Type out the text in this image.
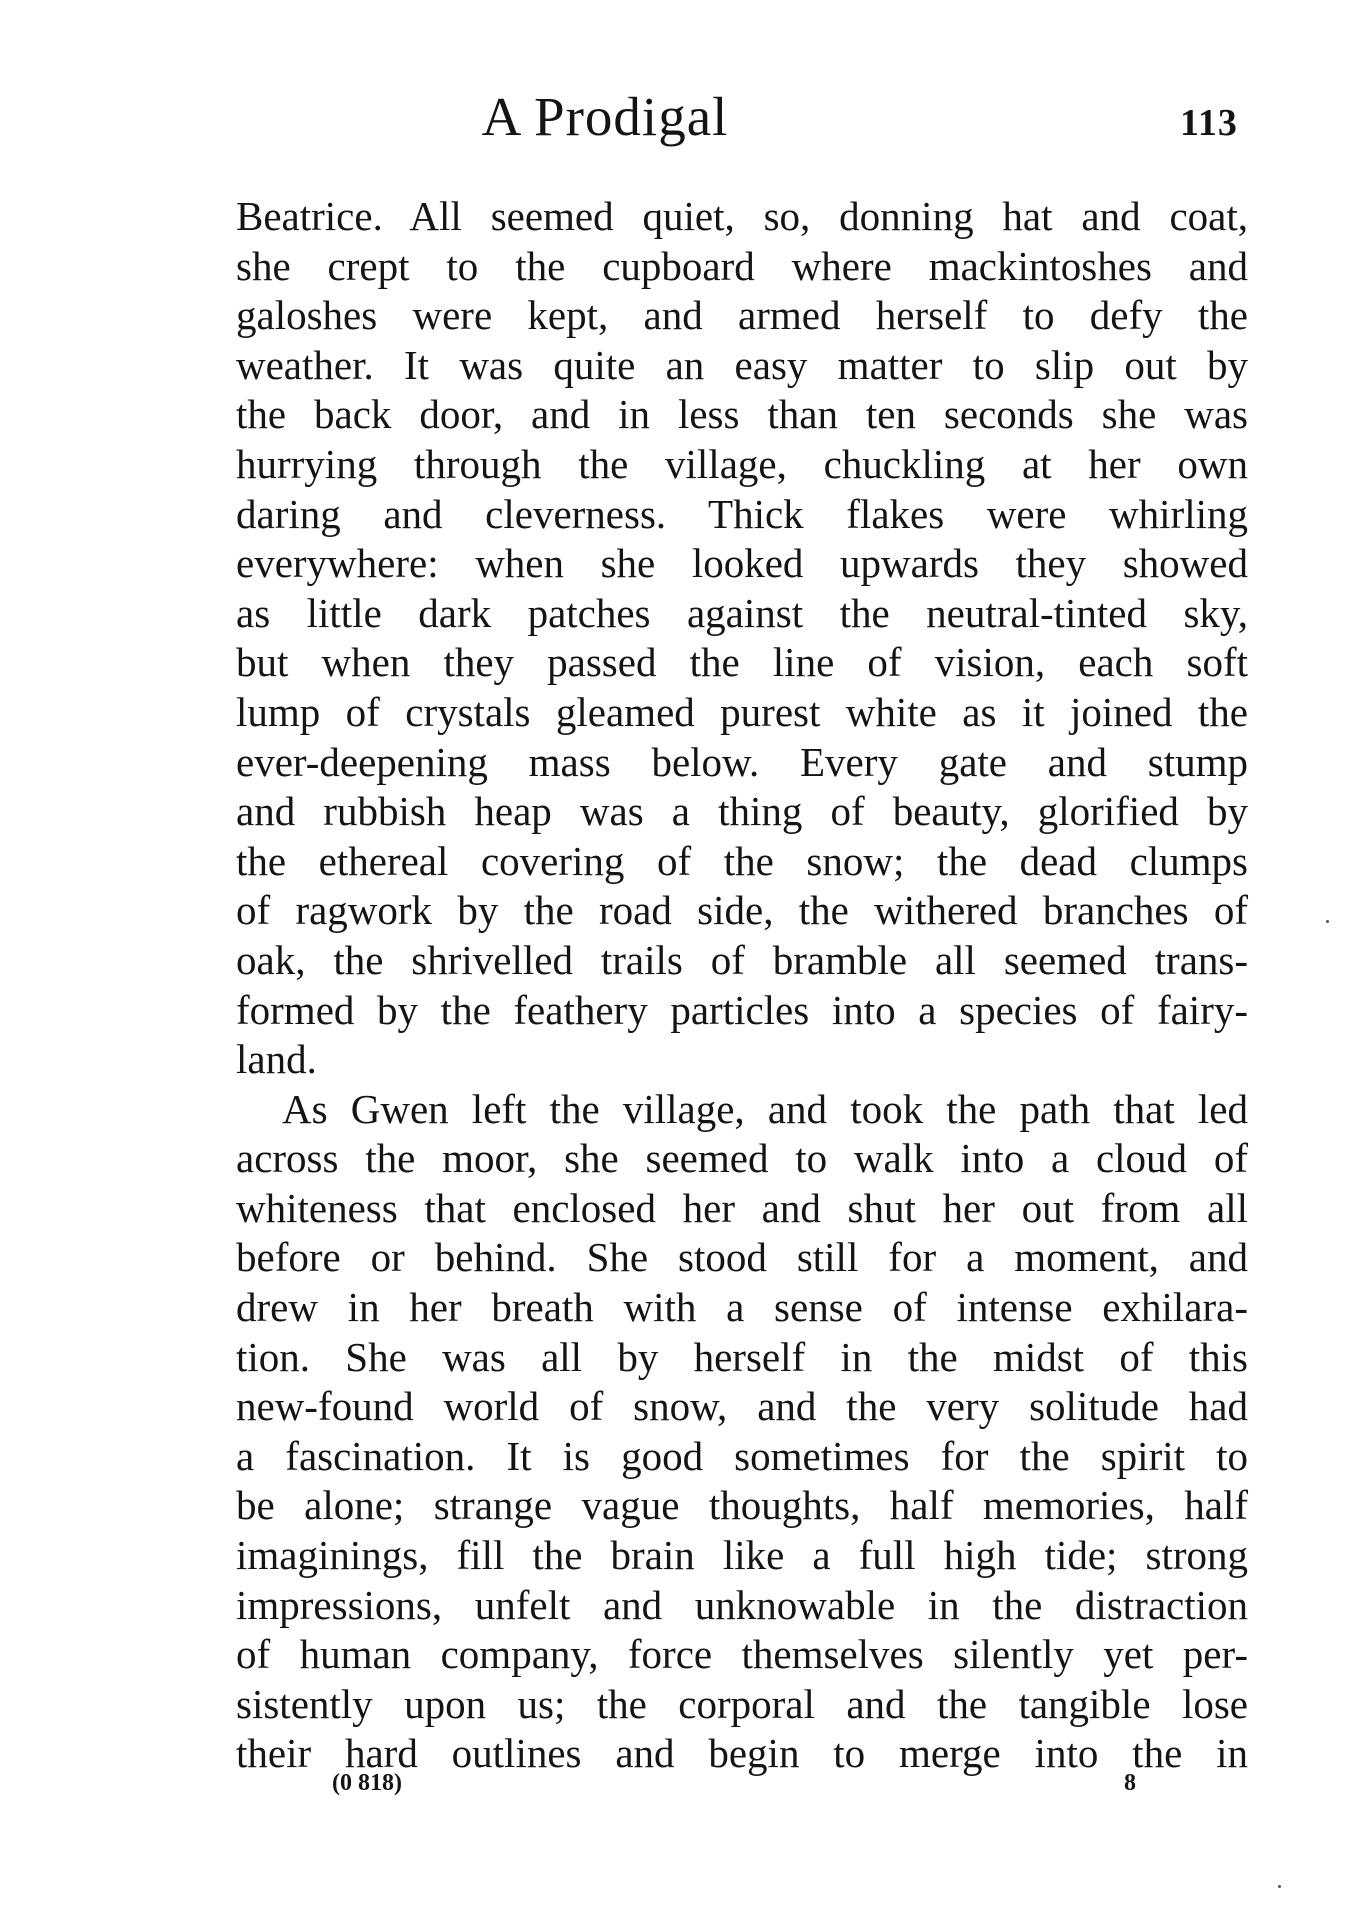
A Prodigal	113

Beatrice. All seemed quiet, so, donning hat and coat,
she crept to the cupboard where mackintoshes and
galoshes were kept, and armed herself to defy the
weather. It was quite an easy matter to slip out by
the back door, and in less than ten seconds she was
hurrying through the village, chuckling at her own
daring and cleverness. Thick flakes were whirling
everywhere: when she looked upwards they showed
as little dark patches against the neutral-tinted sky,
but when they passed the line of vision, each soft
lump of crystals gleamed purest white as it joined the
ever-deepening mass below. Every gate and stump
and rubbish heap was a thing of beauty, glorified by
the ethereal covering of the snow; the dead clumps
of ragwork by the road side, the withered branches of
oak, the shrivelled trails of bramble all seemed trans-
formed by the feathery particles into a species of fairy-
land.

As Gwen left the village, and took the path that led
across the moor, she seemed to walk into a cloud of
whiteness that enclosed her and shut her out from all
before or behind. She stood still for a moment, and
drew in her breath with a sense of intense exhilara-
tion. She was all by herself in the midst of this
new-found world of snow, and the very solitude had
a fascination. It is good sometimes for the spirit to
be alone; strange vague thoughts, half memories, half
imaginings, fill the brain like a full high tide; strong
impressions, unfelt and unknowable in the distraction
of human company, force themselves silently yet per-
sistently upon us; the corporal and the tangible lose
their hard outlines and begin to merge into the in

(0 818)	8
